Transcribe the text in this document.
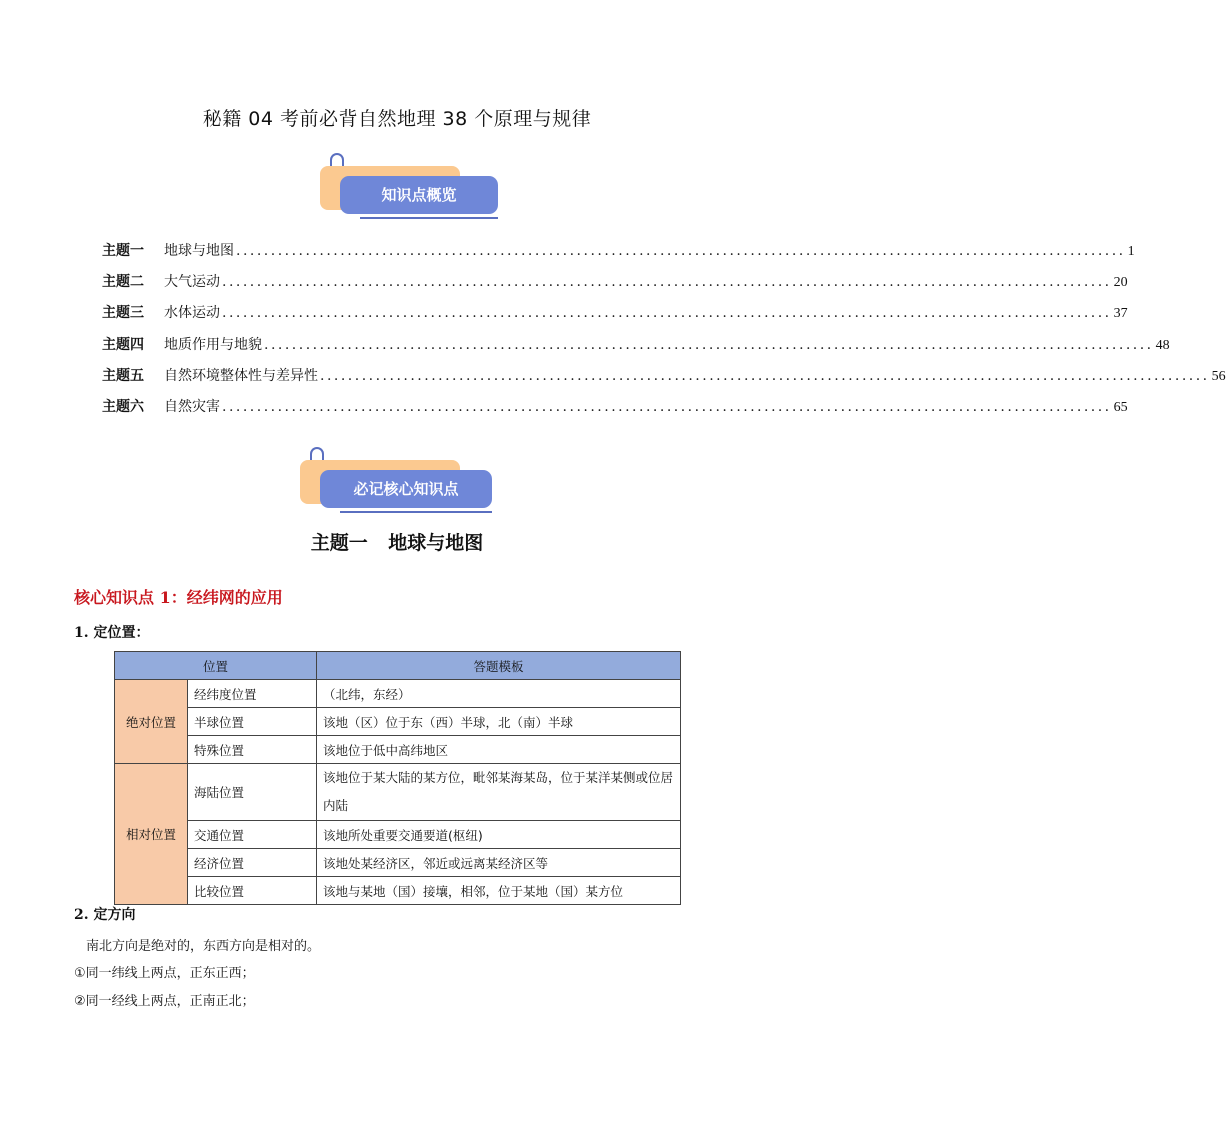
秘籍 04 考前必背自然地理 38 个原理与规律
知识点概览
主题一	地球与地图 ................................................................................................................................ 1
主题二	大气运动 ................................................................................................................................ 20
主题三	水体运动 ................................................................................................................................ 37
主题四	地质作用与地貌 ................................................................................................................................ 48
主题五	自然环境整体性与差异性 ................................................................................................................................ 56
主题六	自然灾害 ................................................................................................................................ 65
必记核心知识点
主题一 地球与地图
核心知识点 1：经纬网的应用
1. 定位置：
位置		答题模板
绝对位置	经纬度位置	（北纬，东经）
	半球位置	该地（区）位于东（西）半球，北（南）半球
	特殊位置	该地位于低中高纬地区
相对位置	海陆位置	该地位于某大陆的某方位，毗邻某海某岛，位于某洋某侧或位居内陆
	交通位置	该地所处重要交通要道(枢纽)
	经济位置	该地处某经济区，邻近或远离某经济区等
	比较位置	该地与某地（国）接壤，相邻，位于某地（国）某方位
2. 定方向
南北方向是绝对的，东西方向是相对的。
①同一纬线上两点，正东正西；
②同一经线上两点，正南正北；
